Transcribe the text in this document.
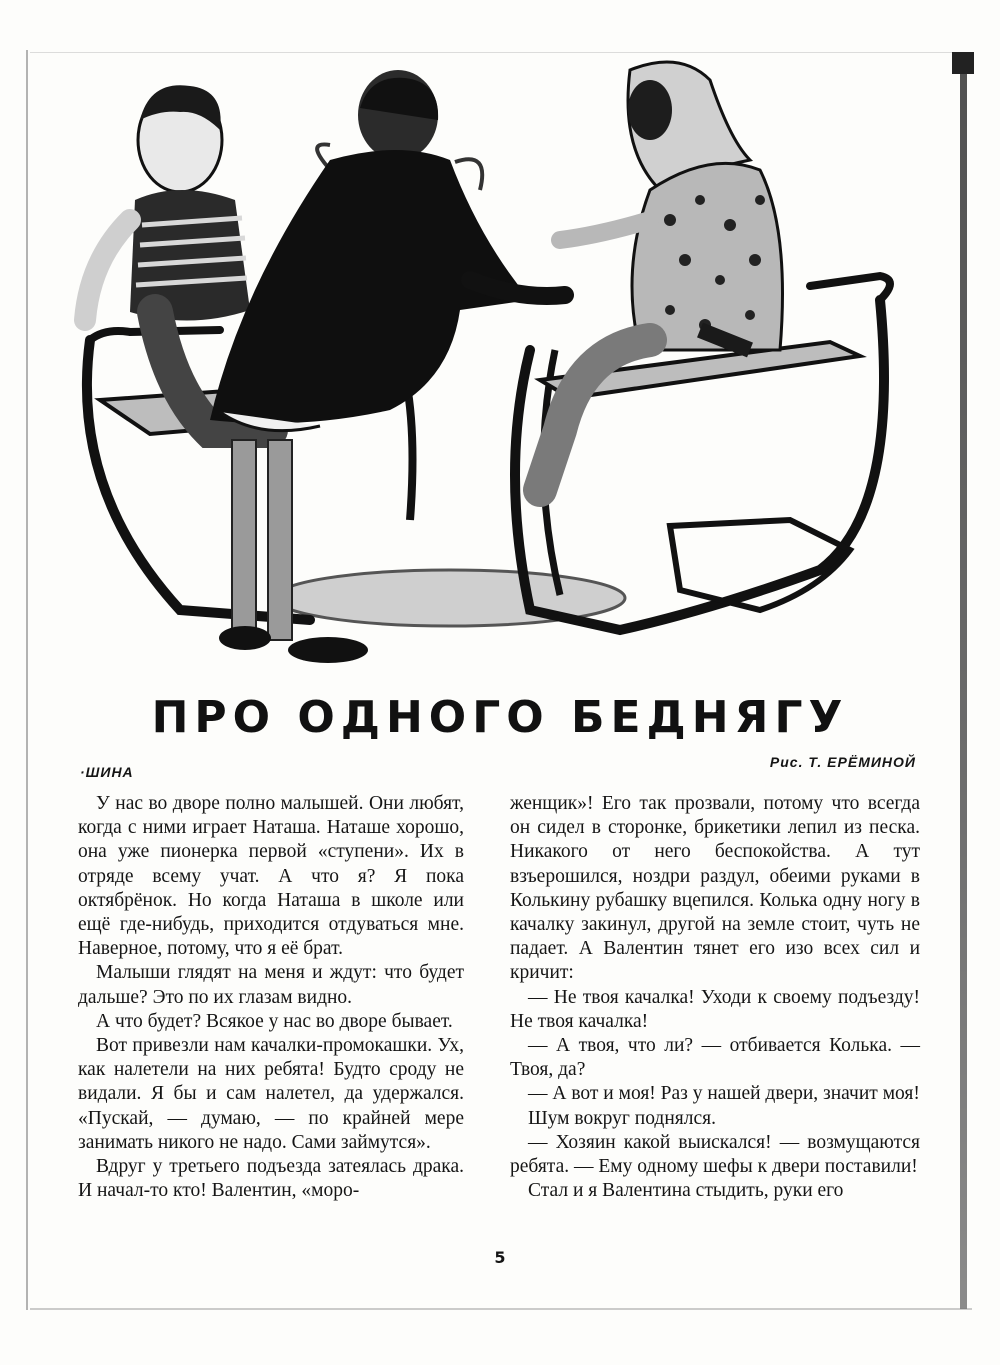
ПРО ОДНОГО БЕДНЯГУ
·ШИНА
Рис. Т. ЕРЁМИНОЙ

У нас во дворе полно малышей. Они любят, когда с ними играет Наташа. Наташе хорошо, она уже пионерка первой «ступени». Их в отряде всему учат. А что я? Я пока октябрёнок. Но когда Наташа в школе или ещё где-нибудь, приходится отдуваться мне. Наверное, потому, что я её брат.

Малыши глядят на меня и ждут: что будет дальше? Это по их глазам видно.

А что будет? Всякое у нас во дворе бывает.

Вот привезли нам качалки-промокашки. Ух, как налетели на них ребята! Будто сроду не видали. Я бы и сам налетел, да удержался. «Пускай, — думаю, — по крайней мере занимать никого не надо. Сами займутся».

Вдруг у третьего подъезда затеялась драка. И начал-то кто! Валентин, «моро-

женщик»! Его так прозвали, потому что всегда он сидел в сторонке, брикетики лепил из песка. Никакого от него беспокойства. А тут взъерошился, ноздри раздул, обеими руками в Колькину рубашку вцепился. Колька одну ногу в качалку закинул, другой на земле стоит, чуть не падает. А Валентин тянет его изо всех сил и кричит:

— Не твоя качалка! Уходи к своему подъезду! Не твоя качалка!

— А твоя, что ли? — отбивается Колька. — Твоя, да?

— А вот и моя! Раз у нашей двери, значит моя!

Шум вокруг поднялся.

— Хозяин какой выискался! — возмущаются ребята. — Ему одному шефы к двери поставили!

Стал и я Валентина стыдить, руки его

5
